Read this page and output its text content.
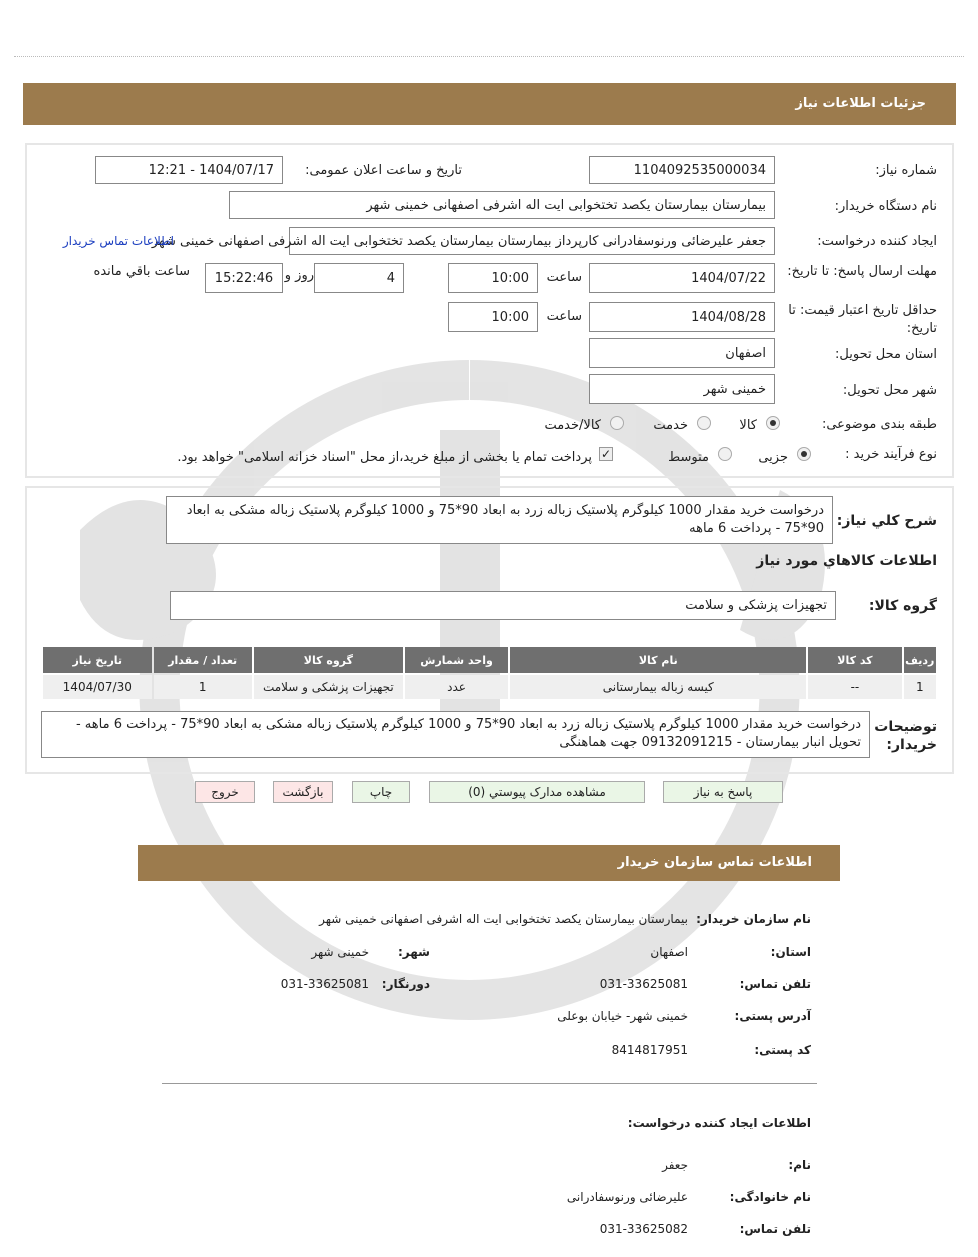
جزئیات اطلاعات نیاز
شماره نیاز:
1104092535000034
تاریخ و ساعت اعلان عمومی:
1404/07/17 - 12:21
نام دستگاه خریدار:
بیمارستان بیمارستان یکصد تختخوابی ایت اله اشرفی اصفهانی خمینی شهر
ایجاد کننده درخواست:
جعفر علیرضائی ورنوسفادرانی کارپرداز بیمارستان بیمارستان یکصد تختخوابی ایت اله اشرفی اصفهانی خمینی شهر
اطلاعات تماس خریدار
مهلت ارسال پاسخ: تا تاریخ:
1404/07/22
ساعت
10:00
4
روز و
15:22:46
ساعت باقي مانده
حداقل تاریخ اعتبار قیمت: تا تاریخ:
1404/08/28
ساعت
10:00
استان محل تحویل:
اصفهان
شهر محل تحویل:
خمینی شهر
طبقه بندی موضوعی:
کالا
خدمت
کالا/خدمت
نوع فرآیند خرید :
جزیی
متوسط
✓
پرداخت تمام یا بخشی از مبلغ خرید،از محل "اسناد خزانه اسلامی" خواهد بود.
شرح کلي نیاز:
درخواست خرید مقدار 1000 کیلوگرم پلاستیک زباله زرد به ابعاد 90*75 و 1000 کیلوگرم پلاستیک زباله مشکی به ابعاد 90*75 - پرداخت 6 ماهه
اطلاعات کالاهاي مورد نیاز
گروه کالا:
تجهیزات پزشکی و سلامت
ردیف	کد کالا	نام کالا	واحد شمارش	گروه کالا	تعداد / مقدار	تاریخ نیاز
1	--	کیسه زباله بیمارستانی	عدد	تجهیزات پزشکی و سلامت	1	1404/07/30
توضیحات خریدار:
درخواست خرید مقدار 1000 کیلوگرم پلاستیک زباله زرد به ابعاد 90*75 و 1000 کیلوگرم پلاستیک زباله مشکی به ابعاد 90*75 - پرداخت 6 ماهه - تحویل انبار بیمارستان - 09132091215 جهت هماهنگی
پاسخ به نیاز
مشاهده مدارک پیوستي (0)
چاپ
بازگشت
خروج
اطلاعات تماس سازمان خریدار
نام سازمان خریدار:
بیمارستان بیمارستان یکصد تختخوابی ایت اله اشرفی اصفهانی خمینی شهر
استان:
اصفهان
شهر:
خمینی شهر
تلفن تماس:
031-33625081
دورنگار:
031-33625081
آدرس پستی:
خمینی شهر- خیابان بوعلی
کد پستی:
8414817951
اطلاعات ایجاد کننده درخواست:
نام:
جعفر
نام خانوادگی:
علیرضائی ورنوسفادرانی
تلفن تماس:
031-33625082
